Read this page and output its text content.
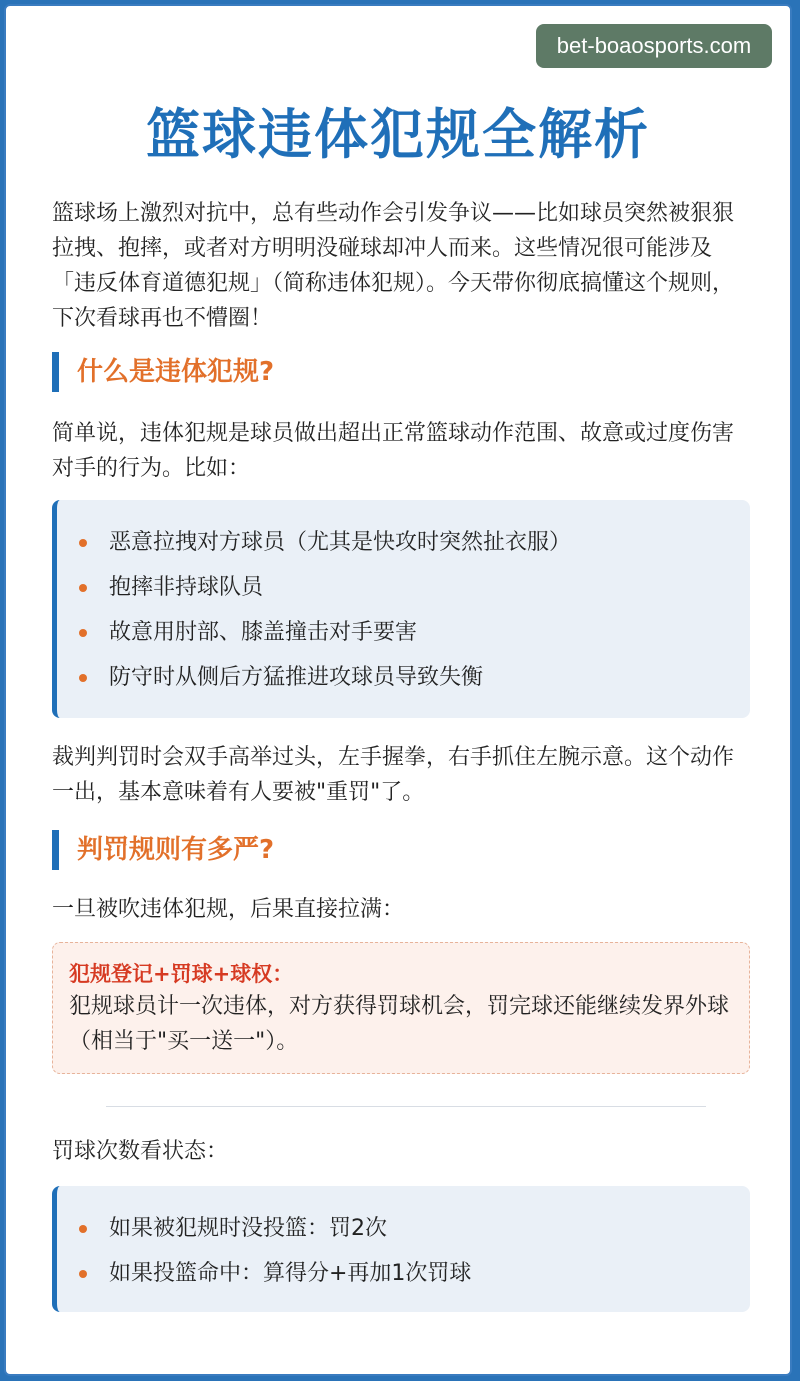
bet-boaosports.com
篮球违体犯规全解析
篮球场上激烈对抗中，总有些动作会引发争议——比如球员突然被狠狠拉拽、抱摔，或者对方明明没碰球却冲人而来。这些情况很可能涉及「违反体育道德犯规」（简称违体犯规）。今天带你彻底搞懂这个规则，下次看球再也不懵圈！
什么是违体犯规?
简单说，违体犯规是球员做出超出正常篮球动作范围、故意或过度伤害对手的行为。比如：
恶意拉拽对方球员（尤其是快攻时突然扯衣服）
抱摔非持球队员
故意用肘部、膝盖撞击对手要害
防守时从侧后方猛推进攻球员导致失衡
裁判判罚时会双手高举过头，左手握拳，右手抓住左腕示意。这个动作一出，基本意味着有人要被"重罚"了。
判罚规则有多严?
一旦被吹违体犯规，后果直接拉满：
犯规登记+罚球+球权：
犯规球员计一次违体，对方获得罚球机会，罚完球还能继续发界外球（相当于"买一送一"）。
罚球次数看状态：
如果被犯规时没投篮：罚2次
如果投篮命中：算得分+再加1次罚球
